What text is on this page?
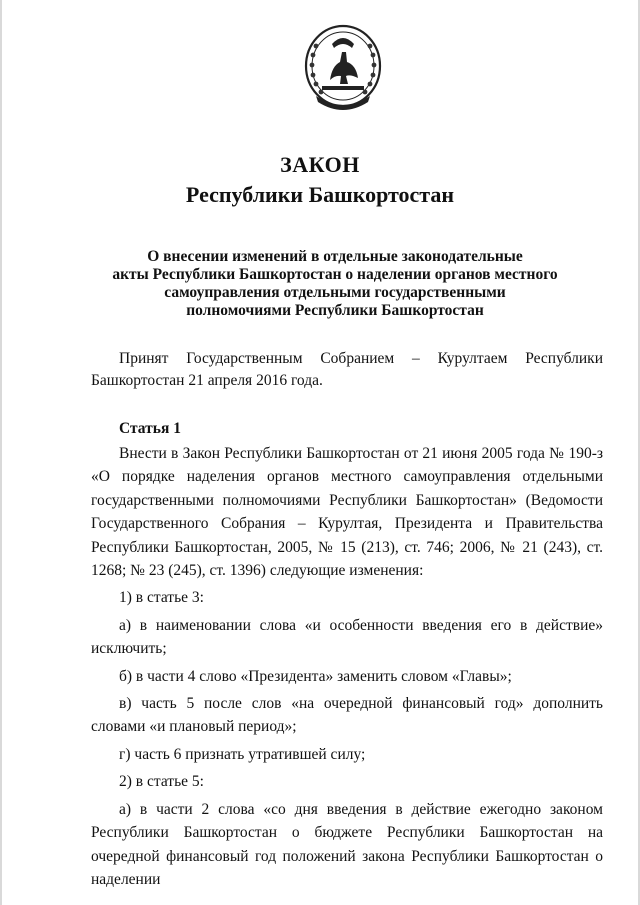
ЗАКОН
Республики Башкортостан
О внесении изменений в отдельные законодательные
акты Республики Башкортостан о наделении органов местного
самоуправления отдельными государственными
полномочиями Республики Башкортостан
Принят Государственным Собранием – Курултаем Республики Башкортостан 21 апреля 2016 года.
Статья 1

Внести в Закон Республики Башкортостан от 21 июня 2005 года № 190-з «О порядке наделения органов местного самоуправления отдельными государственными полномочиями Республики Башкортостан» (Ведомости Государственного Собрания – Курултая, Президента и Правительства Республики Башкортостан, 2005, № 15 (213), ст. 746; 2006, № 21 (243), ст. 1268; № 23 (245), ст. 1396) следующие изменения:

1) в статье 3:

а) в наименовании слова «и особенности введения его в действие» исключить;

б) в части 4 слово «Президента» заменить словом «Главы»;

в) часть 5 после слов «на очередной финансовый год» дополнить словами «и плановый период»;

г) часть 6 признать утратившей силу;

2) в статье 5:

а) в части 2 слова «со дня введения в действие ежегодно законом Республики Башкортостан о бюджете Республики Башкортостан на очередной финансовый год положений закона Республики Башкортостан о наделении
